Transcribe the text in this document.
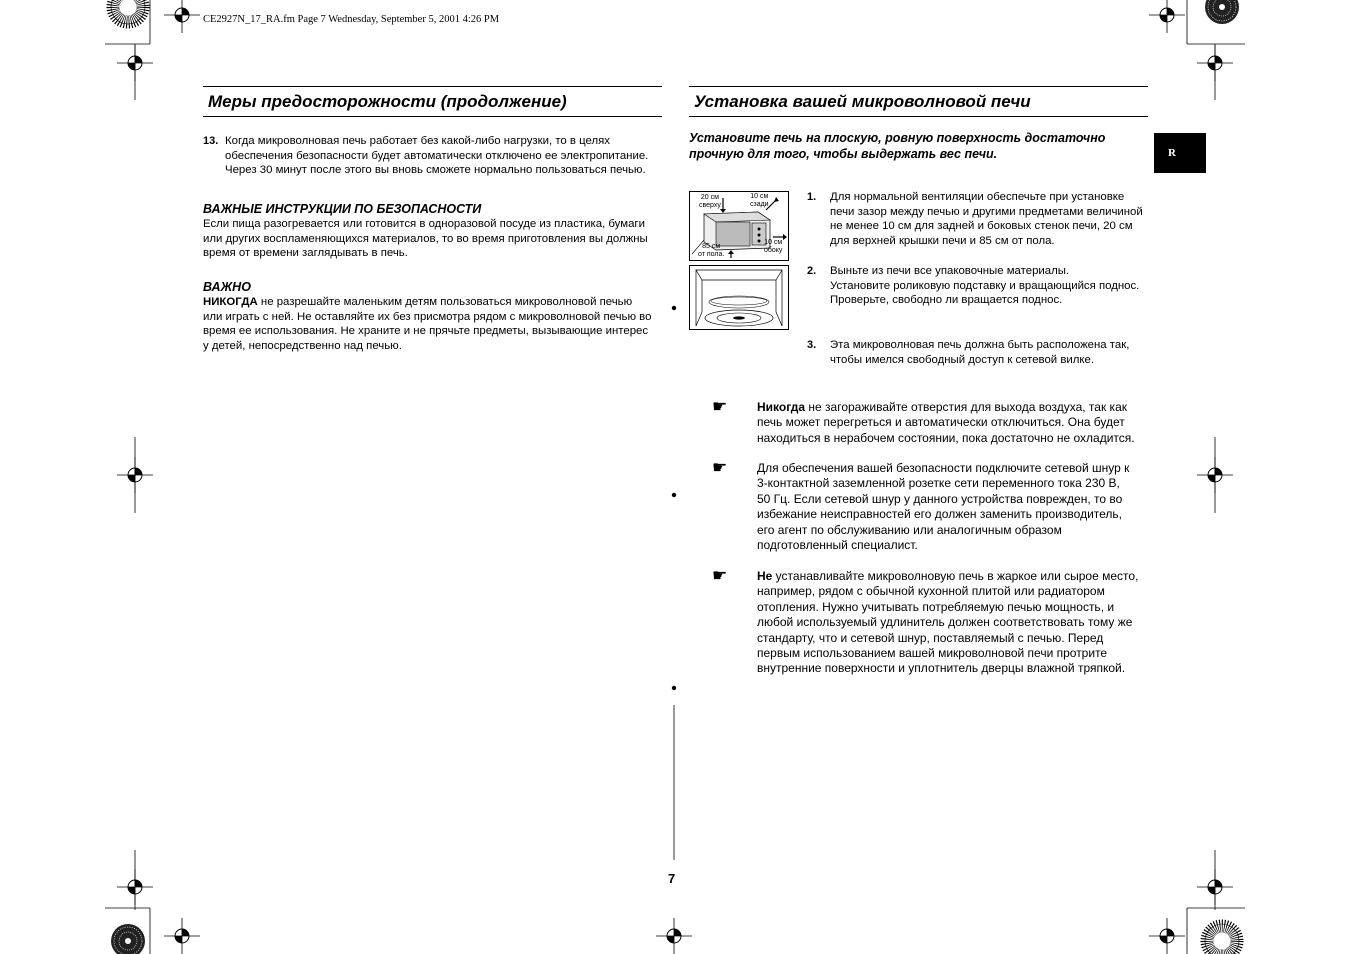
CE2927N_17_RA.fm Page 7 Wednesday, September 5, 2001 4:26 PM
Меры предосторожности (продолжение)
13. Когда микроволновая печь работает без какой-либо нагрузки, то в целях
обеспечения безопасности будет автоматически отключено ее электропитание.
Через 30 минут после этого вы вновь сможете нормально пользоваться печью.
ВАЖНЫЕ ИНСТРУКЦИИ ПО БЕЗОПАСНОСТИ
Если пища разогревается или готовится в одноразовой посуде из пластика, бумаги
или других воспламеняющихся материалов, то во время приготовления вы должны
время от времени заглядывать в печь.
ВАЖНО
НИКОГДА не разрешайте маленьким детям пользоваться микроволновой печью
или играть с ней. Не оставляйте их без присмотра рядом с микроволновой печью во
время ее использования. Не храните и не прячьте предметы, вызывающие интерес
у детей, непосредственно над печью.
Установка вашей микроволновой печи
Установите печь на плоскую, ровную поверхность достаточно
прочную для того, чтобы выдержать вес печи.
20 см
сверху
10 см
сзади
85 см
от пола.
10 см
обоку
1. Для нормальной вентиляции обеспечьте при установке
печи зазор между печью и другими предметами величиной
не менее 10 см для задней и боковых стенок печи, 20 см
для верхней крышки печи и 85 см от пола.
2. Выньте из печи все упаковочные материалы.
Установите роликовую подставку и вращающийся поднос.
Проверьте, свободно ли вращается поднос.
3. Эта микроволновая печь должна быть расположена так,
чтобы имелся свободный доступ к сетевой вилке.
☛ Никогда не загораживайте отверстия для выхода воздуха, так как
печь может перегреться и автоматически отключиться. Она будет
находиться в нерабочем состоянии, пока достаточно не охладится.
☛ Для обеспечения вашей безопасности подключите сетевой шнур к
3-контактной заземленной розетке сети переменного тока 230 В,
50 Гц. Если сетевой шнур у данного устройства поврежден, то во
избежание неисправностей его должен заменить производитель,
его агент по обслуживанию или аналогичным образом
подготовленный специалист.
☛ Не устанавливайте микроволновую печь в жаркое или сырое место,
например, рядом с обычной кухонной плитой или радиатором
отопления. Нужно учитывать потребляемую печью мощность, и
любой используемый удлинитель должен соответствовать тому же
стандарту, что и сетевой шнур, поставляемый с печью. Перед
первым использованием вашей микроволновой печи протрите
внутренние поверхности и уплотнитель дверцы влажной тряпкой.
R
7
